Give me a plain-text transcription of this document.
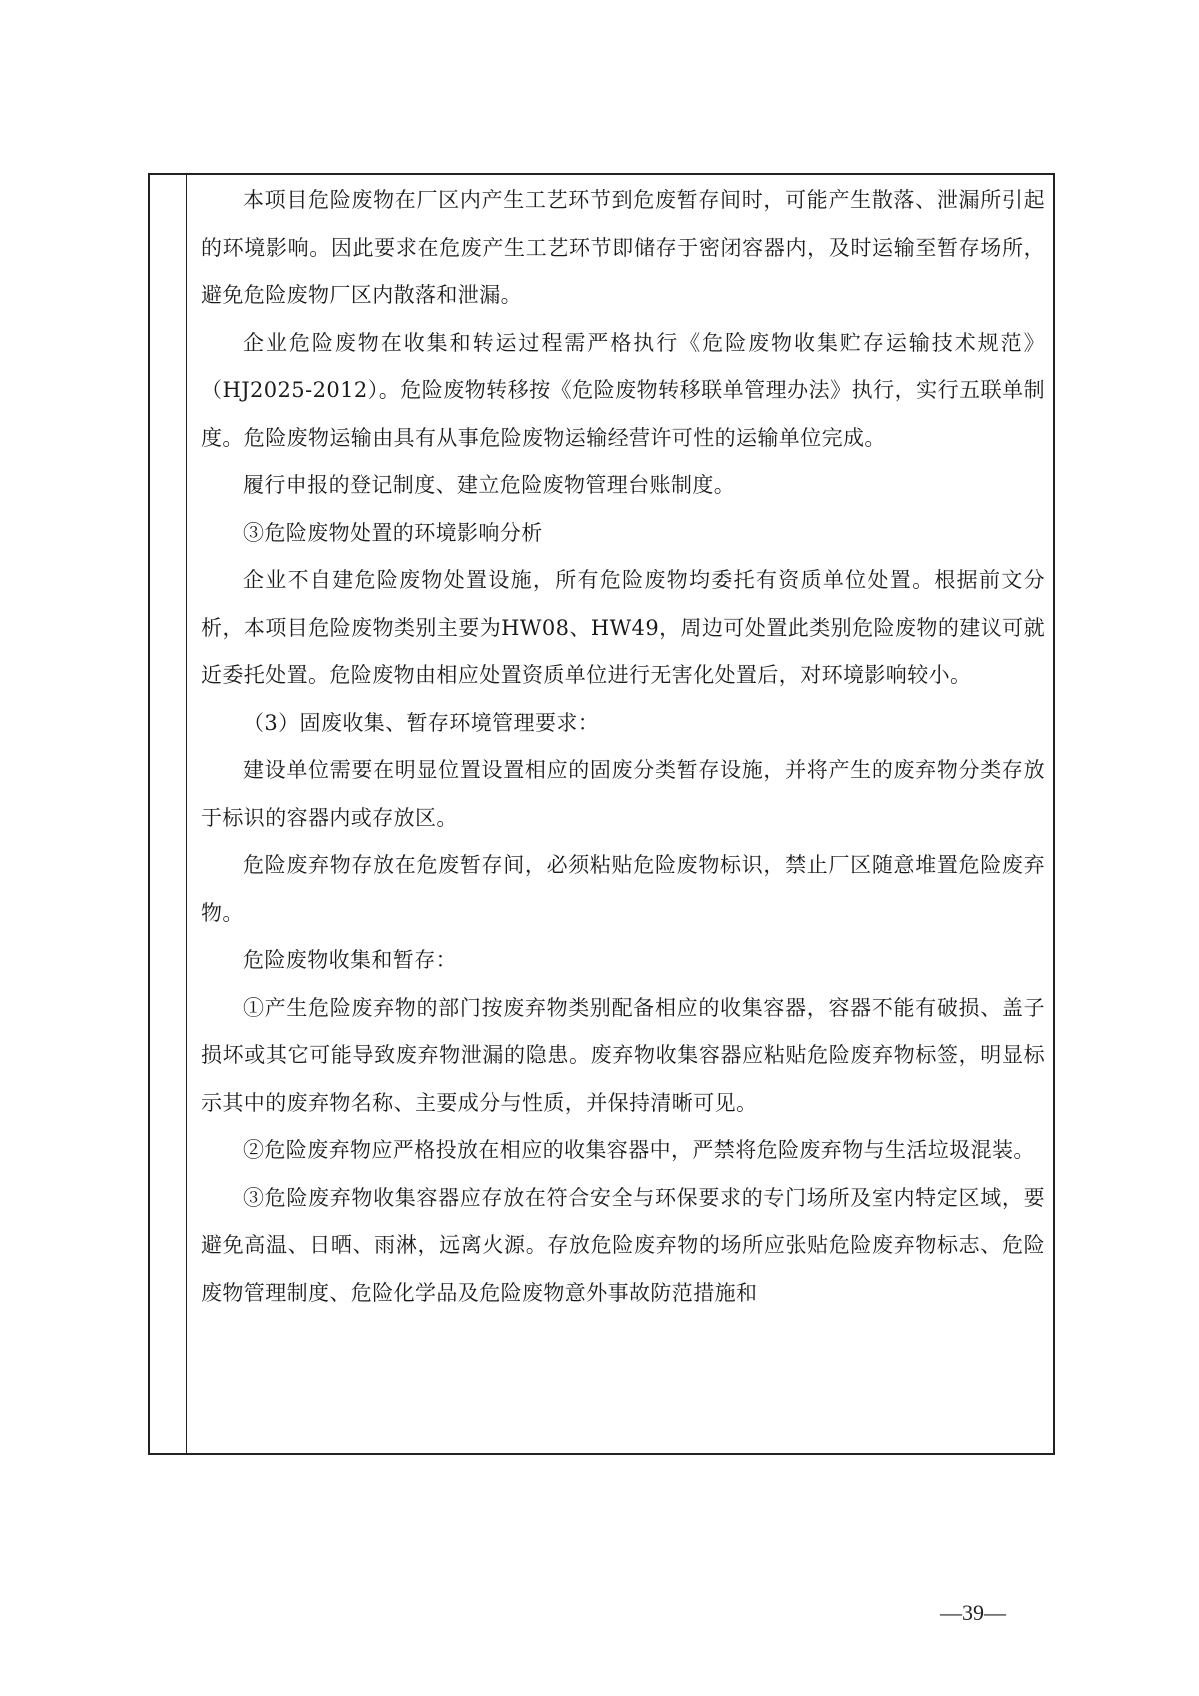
本项目危险废物在厂区内产生工艺环节到危废暂存间时，可能产生散落、泄漏所引起的环境影响。因此要求在危废产生工艺环节即储存于密闭容器内，及时运输至暂存场所，避免危险废物厂区内散落和泄漏。

企业危险废物在收集和转运过程需严格执行《危险废物收集贮存运输技术规范》（HJ2025-2012）。危险废物转移按《危险废物转移联单管理办法》执行，实行五联单制度。危险废物运输由具有从事危险废物运输经营许可性的运输单位完成。

履行申报的登记制度、建立危险废物管理台账制度。

③危险废物处置的环境影响分析

企业不自建危险废物处置设施，所有危险废物均委托有资质单位处置。根据前文分析，本项目危险废物类别主要为HW08、HW49，周边可处置此类别危险废物的建议可就近委托处置。危险废物由相应处置资质单位进行无害化处置后，对环境影响较小。

（3）固废收集、暂存环境管理要求：

建设单位需要在明显位置设置相应的固废分类暂存设施，并将产生的废弃物分类存放于标识的容器内或存放区。

危险废弃物存放在危废暂存间，必须粘贴危险废物标识，禁止厂区随意堆置危险废弃物。

危险废物收集和暂存：

①产生危险废弃物的部门按废弃物类别配备相应的收集容器，容器不能有破损、盖子损坏或其它可能导致废弃物泄漏的隐患。废弃物收集容器应粘贴危险废弃物标签，明显标示其中的废弃物名称、主要成分与性质，并保持清晰可见。

②危险废弃物应严格投放在相应的收集容器中，严禁将危险废弃物与生活垃圾混装。

③危险废弃物收集容器应存放在符合安全与环保要求的专门场所及室内特定区域，要避免高温、日晒、雨淋，远离火源。存放危险废弃物的场所应张贴危险废弃物标志、危险废物管理制度、危险化学品及危险废物意外事故防范措施和

—39—
